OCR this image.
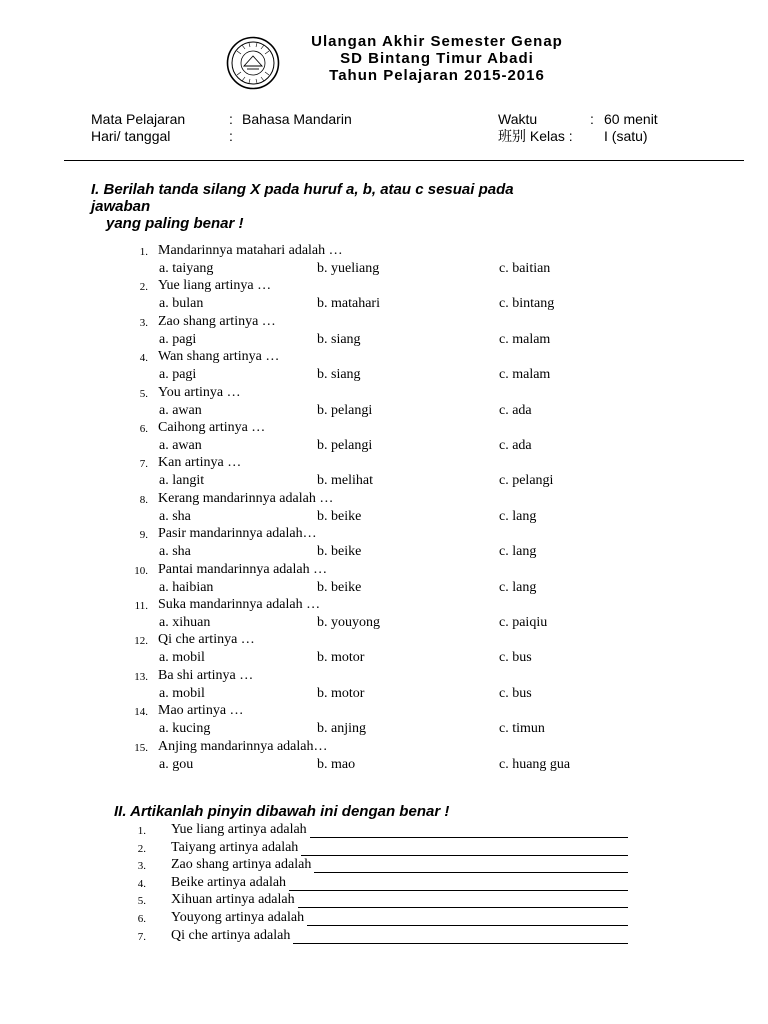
Ulangan Akhir Semester Genap
SD Bintang Timur Abadi
Tahun Pelajaran 2015-2016
Mata Pelajaran	: Bahasa Mandarin
Hari/ tanggal	:
Waktu	: 60 menit
班别 Kelas : I (satu)
I. Berilah tanda silang X pada huruf a, b, atau c sesuai pada
jawaban
yang paling benar !
1. Mandarinnya matahari adalah …
a. taiyang	b. yueliang	c. baitian
2. Yue liang artinya …
a. bulan	b. matahari	c. bintang
3. Zao shang artinya …
a. pagi	b. siang	c. malam
4. Wan shang artinya …
a. pagi	b. siang	c. malam
5. You artinya …
a. awan	b. pelangi	c. ada
6. Caihong artinya …
a. awan	b. pelangi	c. ada
7. Kan artinya …
a. langit	b. melihat	c. pelangi
8. Kerang mandarinnya adalah …
a. sha	b. beike	c. lang
9. Pasir mandarinnya adalah…
a. sha	b. beike	c. lang
10. Pantai mandarinnya adalah …
a. haibian	b. beike	c. lang
11. Suka mandarinnya adalah …
a. xihuan	b. youyong	c. paiqiu
12. Qi che artinya …
a. mobil	b. motor	c. bus
13. Ba shi artinya …
a. mobil	b. motor	c. bus
14. Mao artinya …
a. kucing	b. anjing	c. timun
15. Anjing mandarinnya adalah…
a. gou	b. mao	c. huang gua
II. Artikanlah pinyin dibawah ini dengan benar !
1. Yue liang artinya adalah
2. Taiyang artinya adalah
3. Zao shang artinya adalah
4. Beike artinya adalah
5. Xihuan artinya adalah
6. Youyong artinya adalah
7. Qi che artinya adalah
